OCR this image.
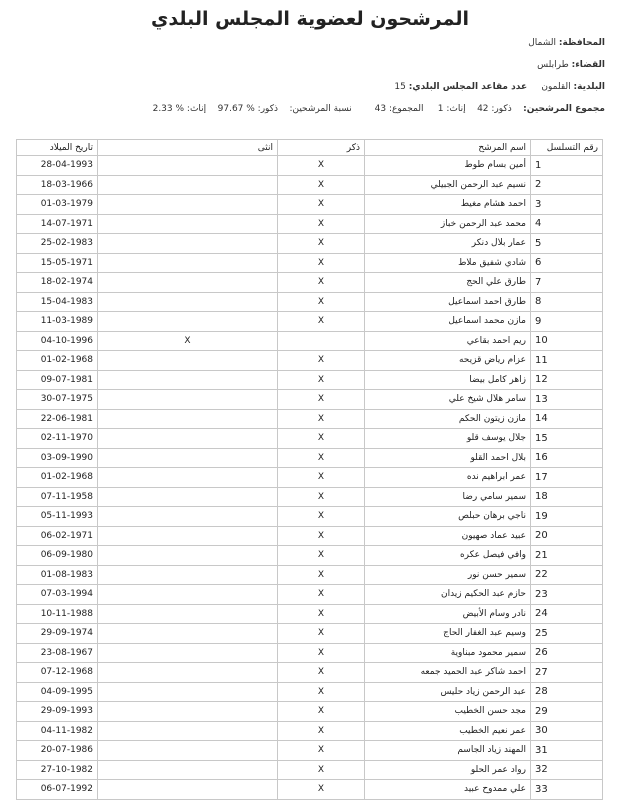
المرشحون لعضوية المجلس البلدي
المحافظة: الشمال
القضاء: طرابلس
البلدية: القلمون     عدد مقاعد المجلس البلدي: 15
مجموع المرشحين:    ذكور: 42    إناث: 1     المجموع: 43        نسبة المرشحين:    ذكور: % 97.67    إناث: % 2.33
رقم التسلسل	اسم المرشح	ذكر	انثى	تاريخ الميلاد
1	أمين بسام طوط	X		28-04-1993
2	نسيم عبد الرحمن الجبيلي	X		18-03-1966
3	احمد هشام مغيط	X		01-03-1979
4	محمد عبد الرحمن خباز	X		14-07-1971
5	عمار بلال دنكر	X		25-02-1983
6	شادي شفيق ملاط	X		15-05-1971
7	طارق علي الحج	X		18-02-1974
8	طارق احمد اسماعيل	X		15-04-1983
9	مازن محمد اسماعيل	X		11-03-1989
10	ريم احمد بقاعي		X	04-10-1996
11	عزام رياض قزيحه	X		01-02-1968
12	زاهر كامل بيضا	X		09-07-1981
13	سامر هلال شيخ علي	X		30-07-1975
14	مازن زيتون الحكم	X		22-06-1981
15	جلال يوسف قلو	X		02-11-1970
16	بلال احمد القلو	X		03-09-1990
17	عمر ابراهيم نده	X		01-02-1968
18	سمير سامي رضا	X		07-11-1958
19	ناجي برهان حبلص	X		05-11-1993
20	عبيد عماد صهيون	X		06-02-1971
21	وافي فيصل عكره	X		06-09-1980
22	سمير حسن نور	X		01-08-1983
23	حازم عبد الحكيم زيدان	X		07-03-1994
24	نادر وسام الأبيض	X		10-11-1988
25	وسيم عبد الغفار الحاج	X		29-09-1974
26	سمير محمود مبناوية	X		23-08-1967
27	احمد شاكر عبد الحميد جمعه	X		07-12-1968
28	عبد الرحمن زياد حليس	X		04-09-1995
29	مجد حسن الخطيب	X		29-09-1993
30	عمر نعيم الخطيب	X		04-11-1982
31	المهند زياد الجاسم	X		20-07-1986
32	رواد عمر الحلو	X		27-10-1982
33	علي ممدوح عبيد	X		06-07-1992
